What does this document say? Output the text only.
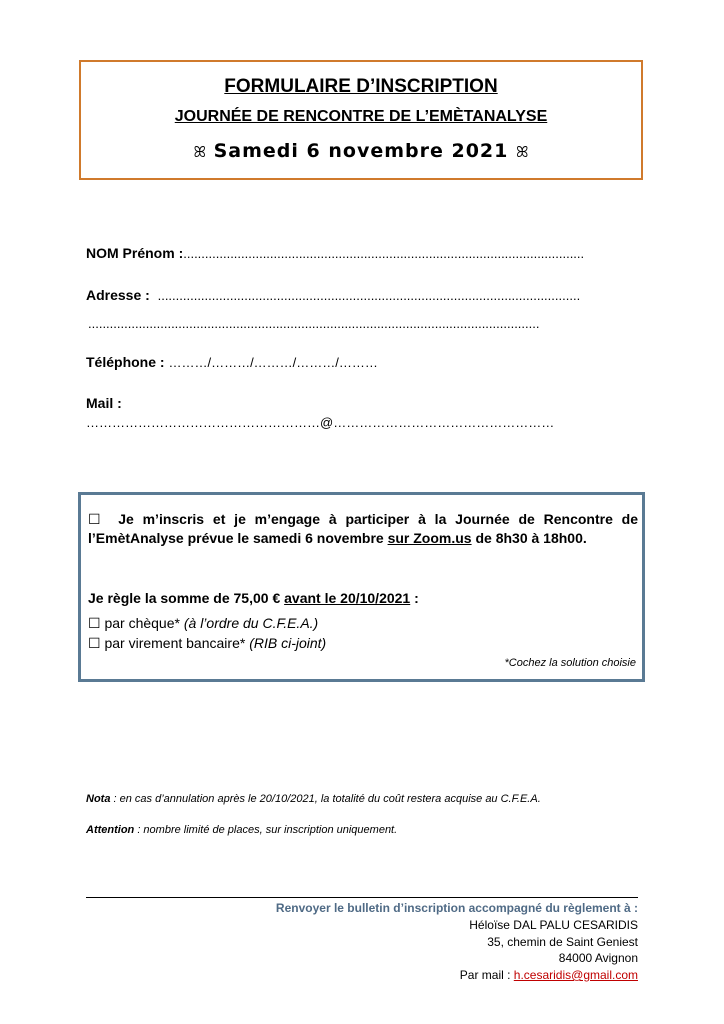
FORMULAIRE D’INSCRIPTION
JOURNÉE DE RENCONTRE DE L’EMÈTANALYSE
ꕤ Samedi 6 novembre 2021 ꕤ
NOM Prénom :...............................................................................................................
Adresse : .....................................................................................................................
.............................................................................................................................
Téléphone : ………/………/………/………/………
Mail :
………………………………………………@……………………………………………
☐ Je m’inscris et je m’engage à participer à la Journée de Rencontre de
l’EmètAnalyse prévue le samedi 6 novembre sur Zoom.us de 8h30 à 18h00.
Je règle la somme de 75,00 € avant le 20/10/2021 :
☐ par chèque* (à l’ordre du C.F.E.A.)
☐ par virement bancaire* (RIB ci-joint)
*Cochez la solution choisie
Nota : en cas d’annulation après le 20/10/2021, la totalité du coût restera acquise au C.F.E.A.
Attention : nombre limité de places, sur inscription uniquement.
Renvoyer le bulletin d’inscription accompagné du règlement à :
Héloïse DAL PALU CESARIDIS
35, chemin de Saint Geniest
84000 Avignon
Par mail : h.cesaridis@gmail.com
